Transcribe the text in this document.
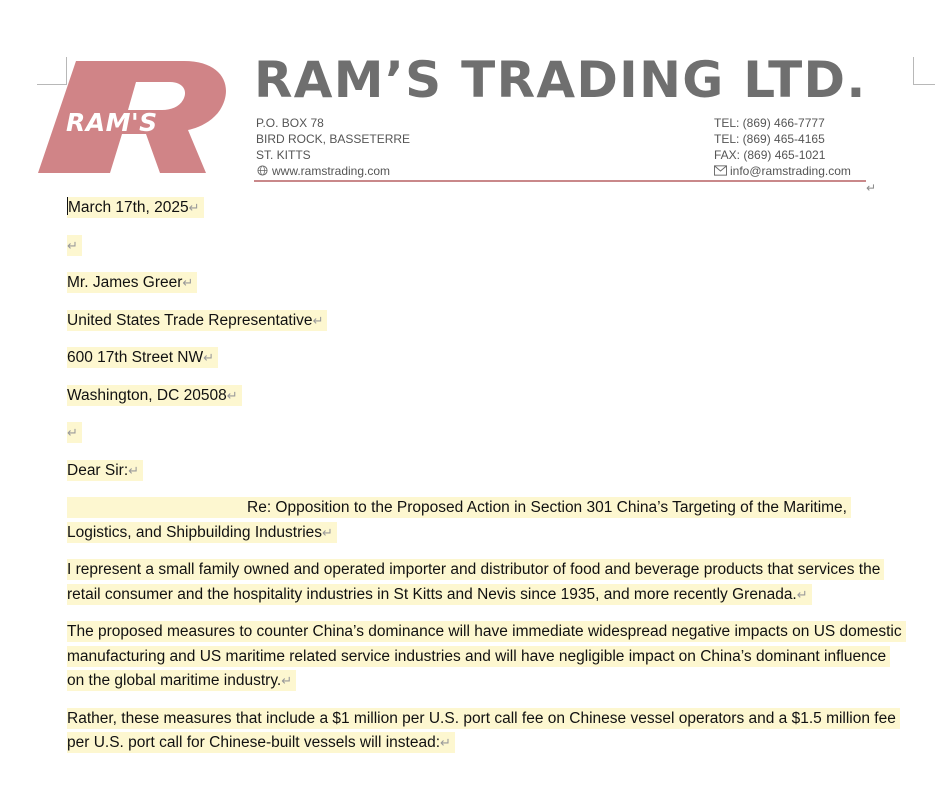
RAM'S
RAM’S TRADING LTD.
P.O. BOX 78
BIRD ROCK, BASSETERRE
ST. KITTS
www.ramstrading.com
TEL: (869) 466-7777
TEL: (869) 465-4165
FAX: (869) 465-1021
info@ramstrading.com
↵
March 17th, 2025↵
↵
Mr. James Greer↵
United States Trade Representative↵
600 17th Street NW↵
Washington, DC 20508↵
↵
Dear Sir:↵
Re: Opposition to the Proposed Action in Section 301 China’s Targeting of the Maritime, Logistics, and Shipbuilding Industries↵
I represent a small family owned and operated importer and distributor of food and beverage products that services the retail consumer and the hospitality industries in St Kitts and Nevis since 1935, and more recently Grenada.↵
The proposed measures to counter China’s dominance will have immediate widespread negative impacts on US domestic manufacturing and US maritime related service industries and will have negligible impact on China’s dominant influence on the global maritime industry.↵
Rather, these measures that include a $1 million per U.S. port call fee on Chinese vessel operators and a $1.5 million fee per U.S. port call for Chinese-built vessels will instead:↵
